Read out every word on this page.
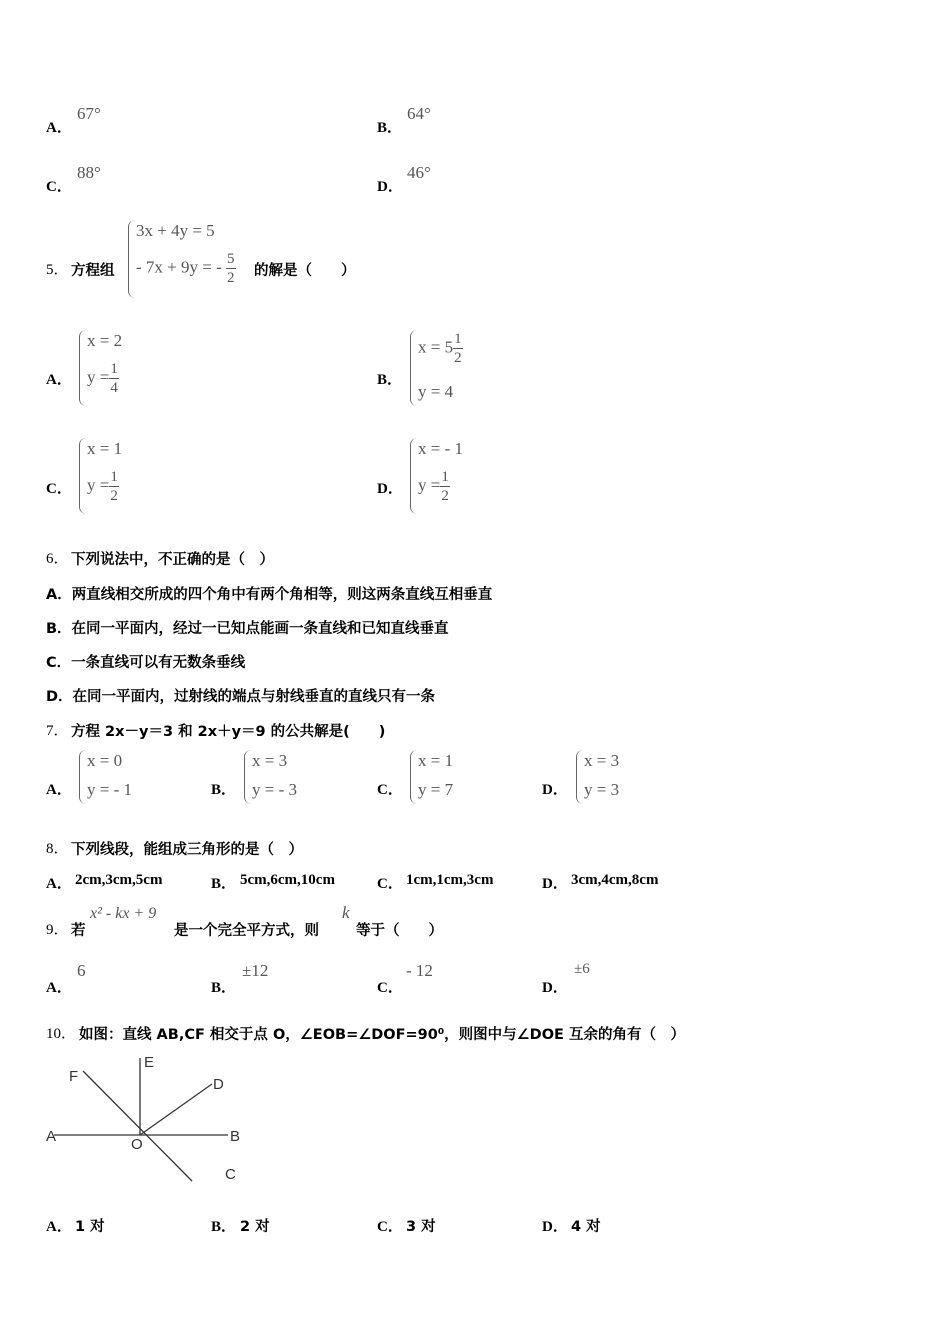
A．
67°
B．
64°
C．
88°
D．
46°
5． 方程组
3x + 4y = 5
- 7x + 9y = - $\frac{5}{2}$ 的解是（　　）
A．
x = 2
$y = \frac{1}{4}$	B．
$x = 5 \frac{1}{2}$
y = 4
C．
x = 1
$y = \frac{1}{2}$	D．
x = - 1
$y = \frac{1}{2}$
6． 下列说法中，不正确的是（　）
A．两直线相交所成的四个角中有两个角相等，则这两条直线互相垂直
B．在同一平面内，经过一已知点能画一条直线和已知直线垂直
C．一条直线可以有无数条垂线
D．在同一平面内，过射线的端点与射线垂直的直线只有一条
7． 方程 2x－y＝3 和 2x＋y＝9 的公共解是(　　)
A．
x = 0
y = - 1	B．
x = 3
y = - 3	C．
x = 1
y = 7	D．
x = 3
y = 3
8． 下列线段，能组成三角形的是（　）
A． 2cm,3cm,5cm	B． 5cm,6cm,10cm	C． 1cm,1cm,3cm	D． 3cm,4cm,8cm
9． 若
x² - kx + 9
是一个完全平方式，则
k
等于（　　）
A．
6
B．
±12
C．
- 12
D．
±6
10． 如图：直线 AB,CF 相交于点 O，∠EOB=∠DOF=90⁰，则图中与∠DOE 互余的角有（　）
F
E
D
A	O	B
C
A． 1 对	B． 2 对	C． 3 对	D． 4 对
